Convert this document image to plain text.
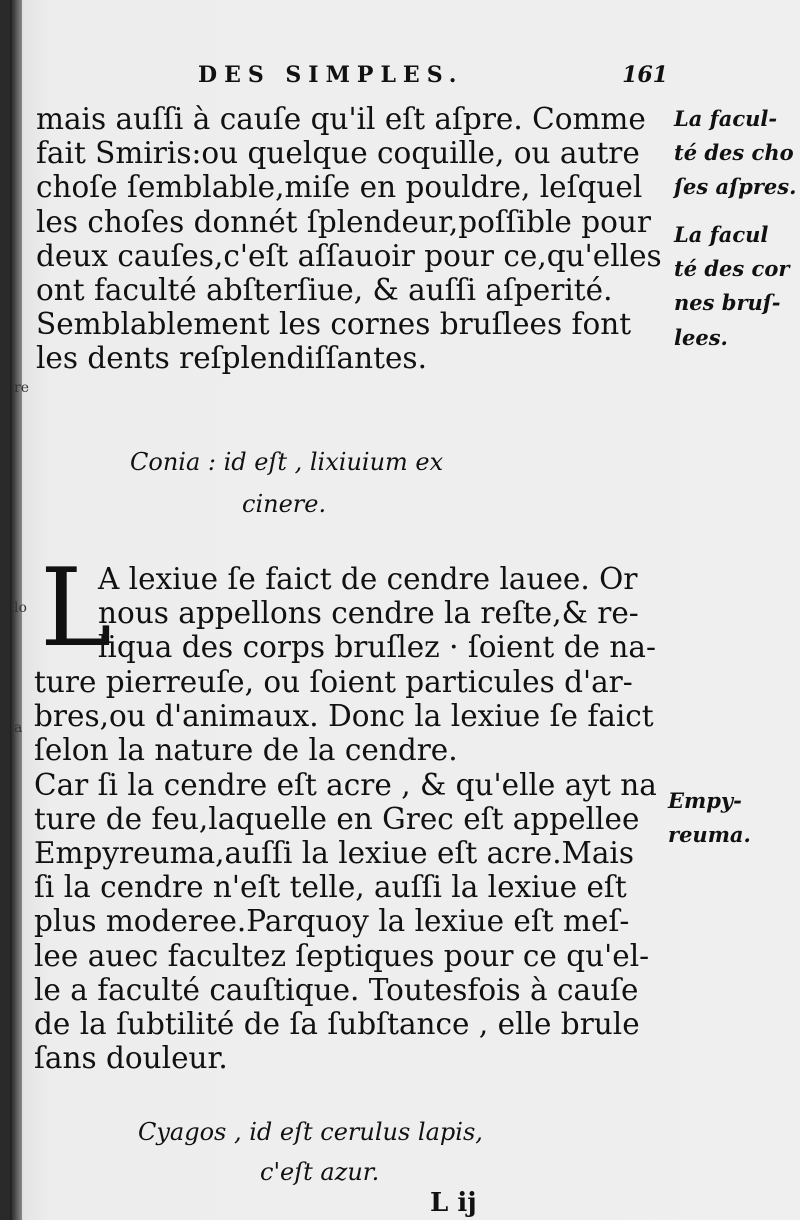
re
lo
a
DES SIMPLES.	161
mais auſſi à cauſe qu'il eſt aſpre. Comme
fait Smiris:ou quelque coquille, ou autre
choſe ſemblable,miſe en pouldre, leſquel
les choſes donnét ſplendeur,poſſible pour
deux cauſes,c'eſt aſſauoir pour ce,qu'elles
ont faculté abſterſiue, & auſſi aſperité.
Semblablement les cornes bruſlees font
les dents reſplendiſſantes.
La facul-
té des cho
ſes aſpres.
La facul
té des cor
nes bruſ-
lees.
Conia : id eſt , lixiuium ex
cinere.
L
A lexiue ſe faict de cendre lauee. Or
nous appellons cendre la reſte,& re-
liqua des corps bruſlez · ſoient de na-
ture pierreuſe, ou ſoient particules d'ar-
bres,ou d'animaux. Donc la lexiue ſe faict
ſelon la nature de la cendre.
Car ſi la cendre eſt acre , & qu'elle ayt na
ture de feu,laquelle en Grec eſt appellee
Empyreuma,auſſi la lexiue eſt acre.Mais
ſi la cendre n'eſt telle, auſſi la lexiue eſt
plus moderee.Parquoy la lexiue eſt meſ-
lee auec facultez ſeptiques pour ce qu'el-
le a faculté cauſtique. Toutesfois à cauſe
de la ſubtilité de ſa ſubſtance , elle brule
ſans douleur.
Empy-
reuma.
Cyagos , id eſt cerulus lapis,
c'eſt azur.
L ij
